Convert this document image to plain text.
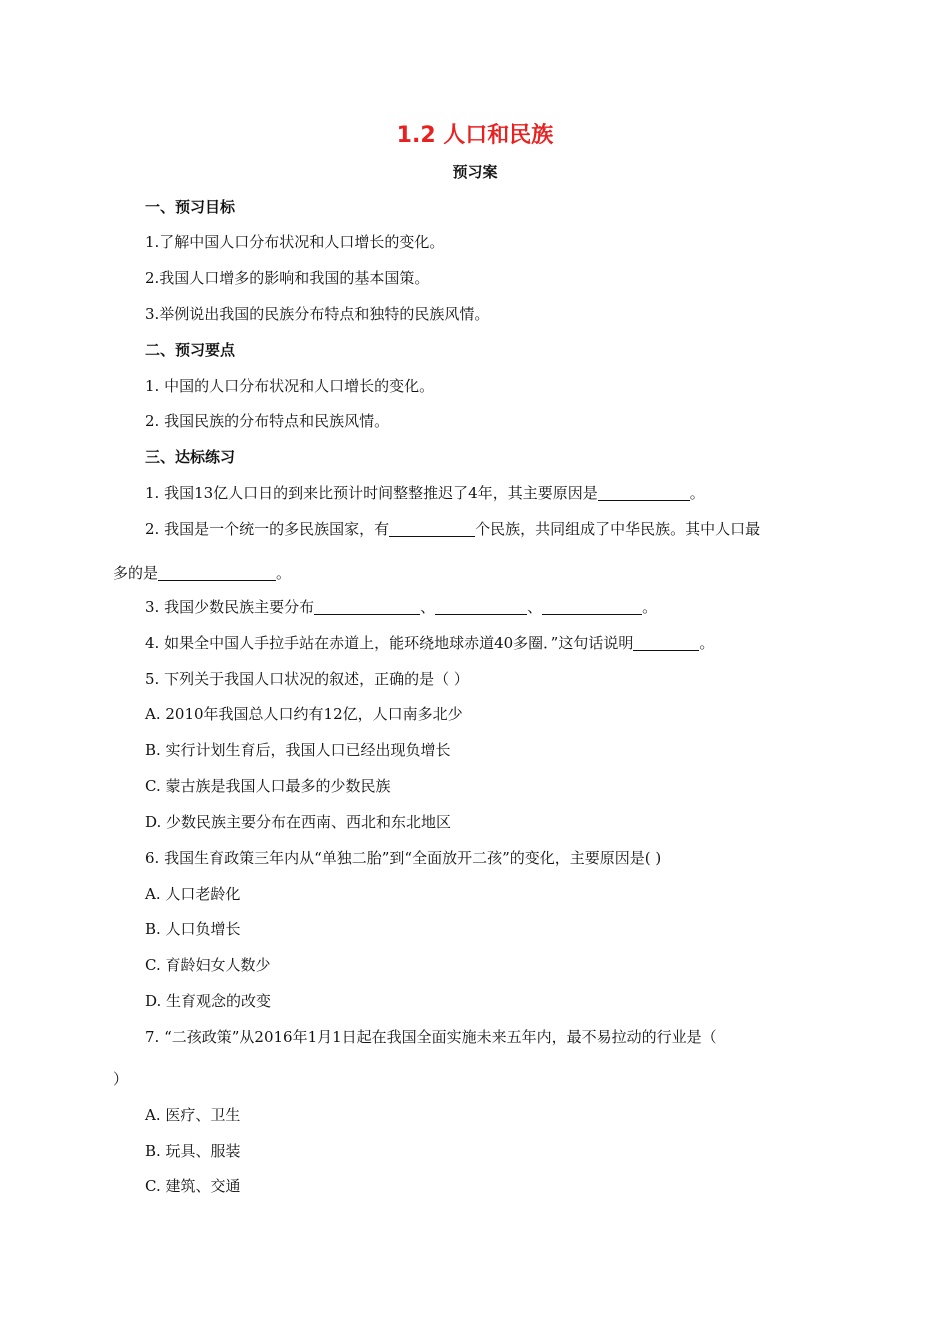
1.2 人口和民族
预习案
一、预习目标
1.了解中国人口分布状况和人口增长的变化。
2.我国人口增多的影响和我国的基本国策。
3.举例说出我国的民族分布特点和独特的民族风情。
二、预习要点
1. 中国的人口分布状况和人口增长的变化。
2. 我国民族的分布特点和民族风情。
三、达标练习
1. 我国13亿人口日的到来比预计时间整整推迟了4年，其主要原因是	。
2. 我国是一个统一的多民族国家，有	个民族，共同组成了中华民族。其中人口最
多的是	。
3. 我国少数民族主要分布	、	、	。
4. 如果全中国人手拉手站在赤道上，能环绕地球赤道40多圈．”这句话说明	。
5. 下列关于我国人口状况的叙述，正确的是（ ）
A. 2010年我国总人口约有12亿，人口南多北少
B. 实行计划生育后，我国人口已经出现负增长
C. 蒙古族是我国人口最多的少数民族
D. 少数民族主要分布在西南、西北和东北地区
6. 我国生育政策三年内从“单独二胎”到“全面放开二孩”的变化，主要原因是( )
A. 人口老龄化
B. 人口负增长
C. 育龄妇女人数少
D. 生育观念的改变
7. “二孩政策”从2016年1月1日起在我国全面实施未来五年内，最不易拉动的行业是（
）
A. 医疗、卫生
B. 玩具、服装
C. 建筑、交通
